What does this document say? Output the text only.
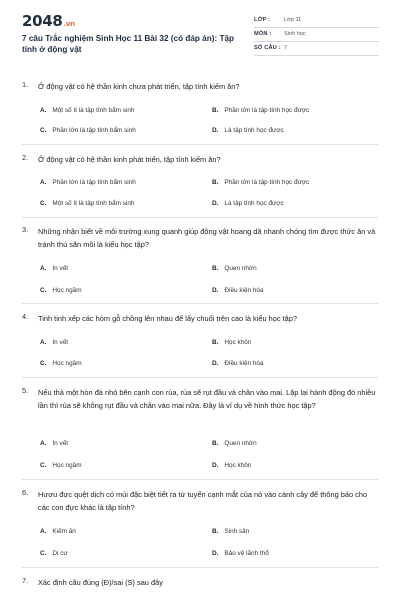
2048.vn
7 câu Trắc nghiệm Sinh Học 11 Bài 32 (có đáp án): Tập tính ở động vật
LỚP : Lớp 11
MÔN : Sinh học
SỐ CÂU : 7
1. Ở động vật có hệ thần kinh chưa phát triển, tập tính kiếm ăn?
A. Một số ít là tập tính bẩm sinh	B. Phần lớn là tập tính học được
C. Phần lớn là tập tính bẩm sinh	D. Là tập tính học được
2. Ở động vật có hệ thần kinh phát triển, tập tính kiếm ăn?
A. Phần lớn là tập tính bẩm sinh	B. Phần lớn là tập tính học được
C. Một số ít là tập tính bẩm sinh	D. Là tập tính học được
3. Những nhận biết về môi trường xung quanh giúp động vật hoang dã nhanh chóng tìm được thức ăn và tránh thú săn mồi là kiểu học tập?
A. In vết	B. Quen nhờn
C. Học ngầm	D. Điều kiện hóa
4. Tinh tinh xếp các hòm gỗ chồng lên nhau để lấy chuối trên cao là kiểu học tập?
A. In vết	B. Học khôn
C. Học ngầm	D. Điều kiện hóa
5. Nếu thả một hòn đá nhỏ bên cạnh con rùa, rùa sẽ rụt đầu và chân vào mai. Lặp lại hành động đó nhiều lần thì rùa sẽ không rụt đầu và chân vào mai nữa. Đây là ví dụ về hình thức học tập?
A. In vết	B. Quen nhờn
C. Học ngầm	D. Học khôn
6. Hươu đực quệt dịch có mùi đặc biệt tiết ra từ tuyến cạnh mắt của nó vào cành cây để thông báo cho các con đực khác là tập tính?
A. Kiếm ăn	B. Sinh sản
C. Di cư	D. Bảo vệ lãnh thổ
7. Xác định câu đúng (Đ)/sai (S) sau đây
